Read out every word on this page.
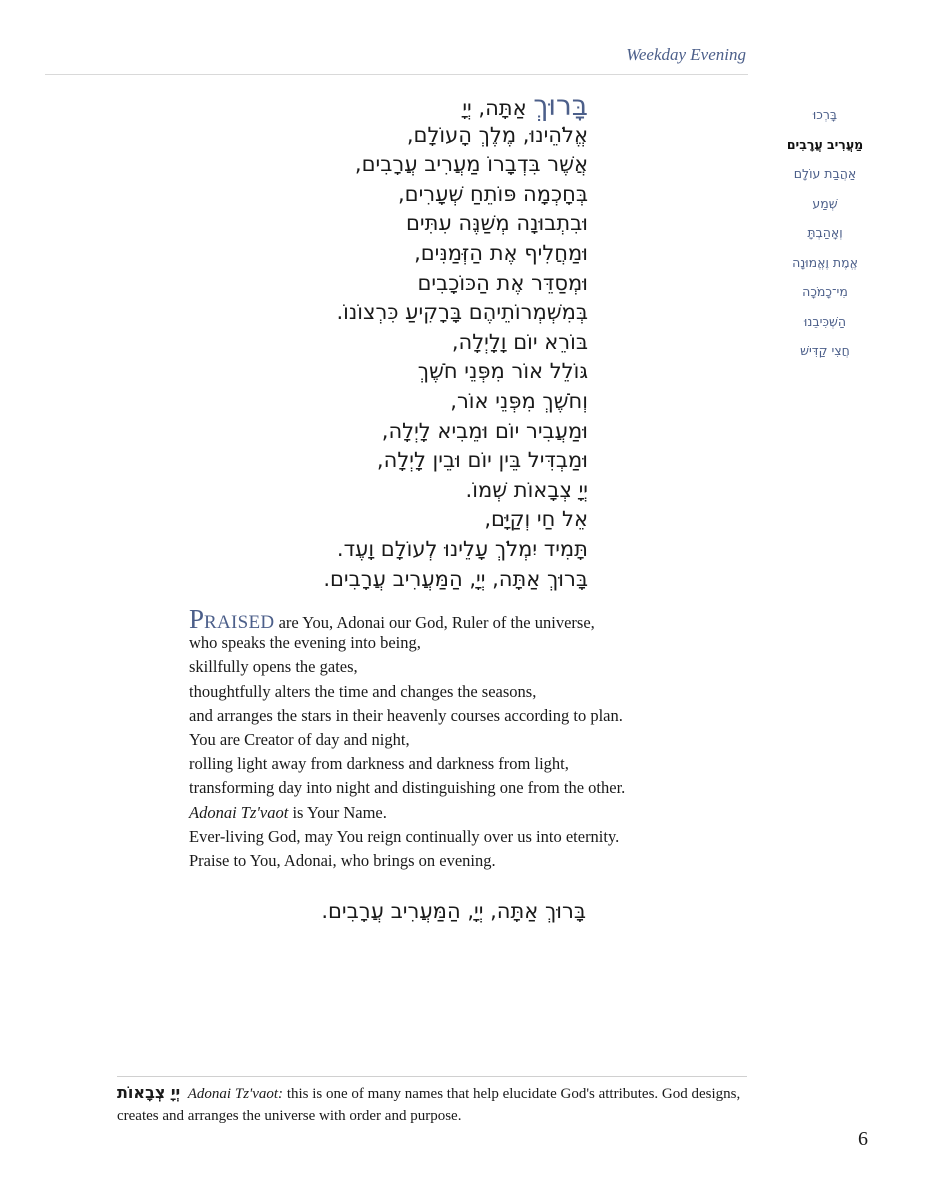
Weekday Evening
בָּרְכוּ
מַעֲרִיב עֲרָבִים
אַהֲבַת עוֹלָם
שְׁמַע
וְאָהַבְתָּ
אֱמֶת וֶאֱמוּנָה
מִי־כָמֹכָה
הַשְׁכִּיבֵנוּ
חֲצִי קַדִּישׁ
בָּרוּךְ אַתָּה, יְיָ
אֱלֹהֵינוּ, מֶלֶךְ הָעוֹלָם,
אֲשֶׁר בִּדְבָרוֹ מַעֲרִיב עֲרָבִים,
בְּחָכְמָה פּוֹתֵחַ שְׁעָרִים,
וּבִתְבוּנָה מְשַׁנֶּה עִתִּים
וּמַחֲלִיף אֶת הַזְּמַנִּים,
וּמְסַדֵּר אֶת הַכּוֹכָבִים
בְּמִשְׁמְרוֹתֵיהֶם בָּרָקִיעַ כִּרְצוֹנוֹ.
בּוֹרֵא יוֹם וָלָיְלָה,
גּוֹלֵל אוֹר מִפְּנֵי חֹשֶׁךְ
וְחֹשֶׁךְ מִפְּנֵי אוֹר,
וּמַעֲבִיר יוֹם וּמֵבִיא לָיְלָה,
וּמַבְדִּיל בֵּין יוֹם וּבֵין לָיְלָה,
יְיָ צְבָאוֹת שְׁמוֹ.
אֵל חַי וְקַיָּם,
תָּמִיד יִמְלֹךְ עָלֵינוּ לְעוֹלָם וָעֶד.
בָּרוּךְ אַתָּה, יְיָ, הַמַּעֲרִיב עֲרָבִים.
PRAISED are You, Adonai our God, Ruler of the universe,
who speaks the evening into being,
skillfully opens the gates,
thoughtfully alters the time and changes the seasons,
and arranges the stars in their heavenly courses according to plan.
You are Creator of day and night,
rolling light away from darkness and darkness from light,
transforming day into night and distinguishing one from the other.
Adonai Tz'vaot is Your Name.
Ever-living God, may You reign continually over us into eternity.
Praise to You, Adonai, who brings on evening.
בָּרוּךְ אַתָּה, יְיָ, הַמַּעֲרִיב עֲרָבִים.
יְיָ צְבָאוֹת Adonai Tz'vaot: this is one of many names that help elucidate God's attributes. God designs, creates and arranges the universe with order and purpose.
6
